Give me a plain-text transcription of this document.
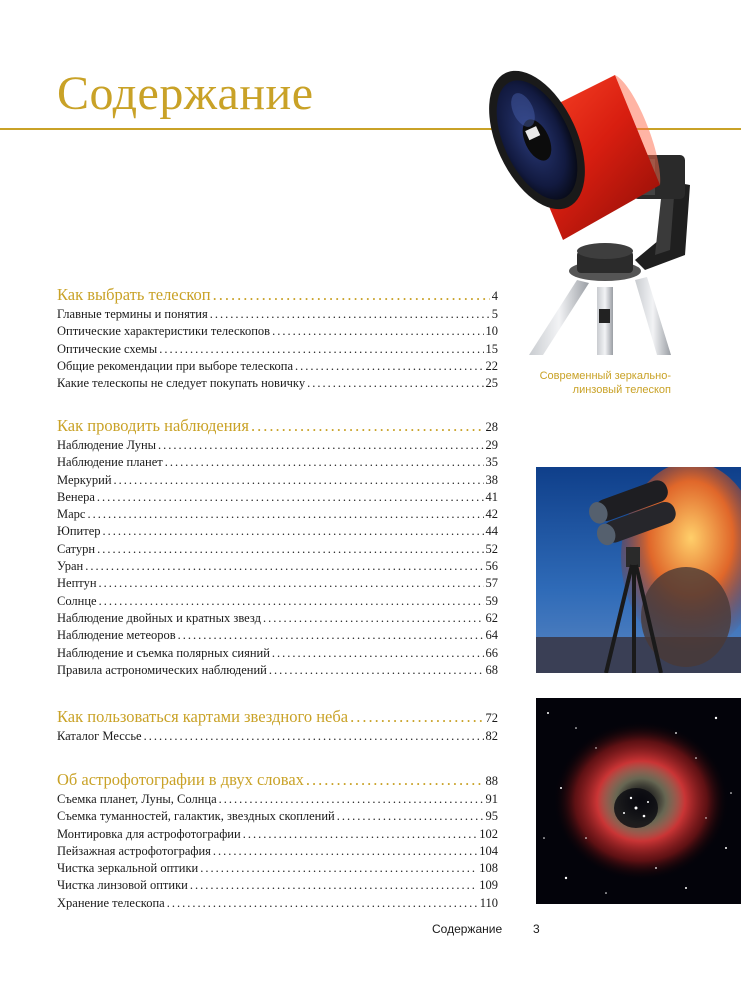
Содержание
Как выбрать телескоп .....	4
Главные термины и понятия .....	5
Оптические характеристики телескопов .....	10
Оптические схемы .....	15
Общие рекомендации при выборе телескопа .....	22
Какие телескопы не следует покупать новичку .....	25
Как проводить наблюдения .....	28
Наблюдение Луны .....	29
Наблюдение планет .....	35
Меркурий .....	38
Венера .....	41
Марс .....	42
Юпитер .....	44
Сатурн .....	52
Уран .....	56
Нептун .....	57
Солнце .....	59
Наблюдение двойных и кратных звезд .....	62
Наблюдение метеоров .....	64
Наблюдение и съемка полярных сияний .....	66
Правила астрономических наблюдений .....	68
Как пользоваться картами звездного неба .....	72
Каталог Мессье .....	82
Об астрофотографии в двух словах .....	88
Съемка планет, Луны, Солнца .....	91
Съемка туманностей, галактик, звездных скоплений .....	95
Монтировка для астрофотографии .....	102
Пейзажная астрофотография .....	104
Чистка зеркальной оптики .....	108
Чистка линзовой оптики .....	109
Хранение телескопа .....	110
Современный зеркально-линзовый телескоп
Содержание	3
